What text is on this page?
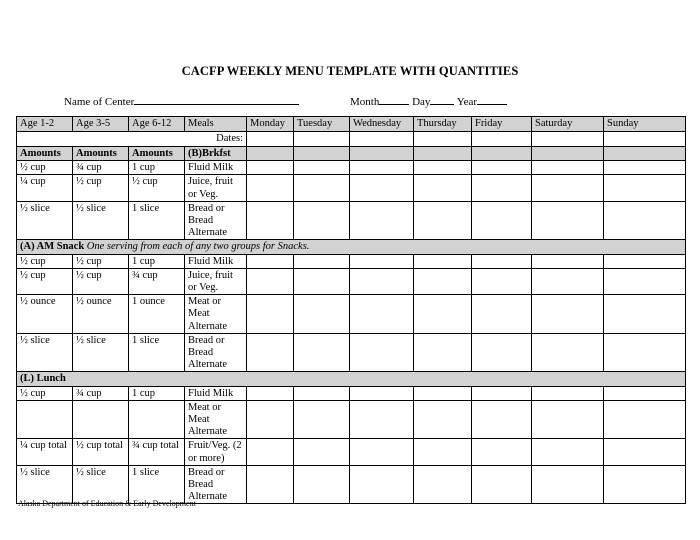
CACFP WEEKLY MENU TEMPLATE WITH QUANTITIES
Name of Center	Month	Day Year
Age 1-2	Age 3-5	Age 6-12	Meals	Monday	Tuesday	Wednesday	Thursday	Friday	Saturday	Sunday
Dates:										
Amounts	Amounts	Amounts	(B)Brkfst							
½ cup	¾ cup	1 cup	Fluid Milk							
¼ cup	½ cup	½ cup	Juice, fruit or Veg.							
½ slice	½ slice	1 slice	Bread or Bread Alternate							
(A) AM Snack One serving from each of any two groups for Snacks.										
½ cup	½ cup	1 cup	Fluid Milk							
½ cup	½ cup	¾ cup	Juice, fruit or Veg.							
½ ounce	½ ounce	1 ounce	Meat or Meat Alternate							
½ slice	½ slice	1 slice	Bread or Bread Alternate							
(L) Lunch										
½ cup	¾ cup	1 cup	Fluid Milk							
			Meat or Meat Alternate							
¼ cup total	½ cup total	¾ cup total	Fruit/Veg. (2 or more)							
½ slice	½ slice	1 slice	Bread or Bread Alternate							
Alaska Department of Education & Early Development
